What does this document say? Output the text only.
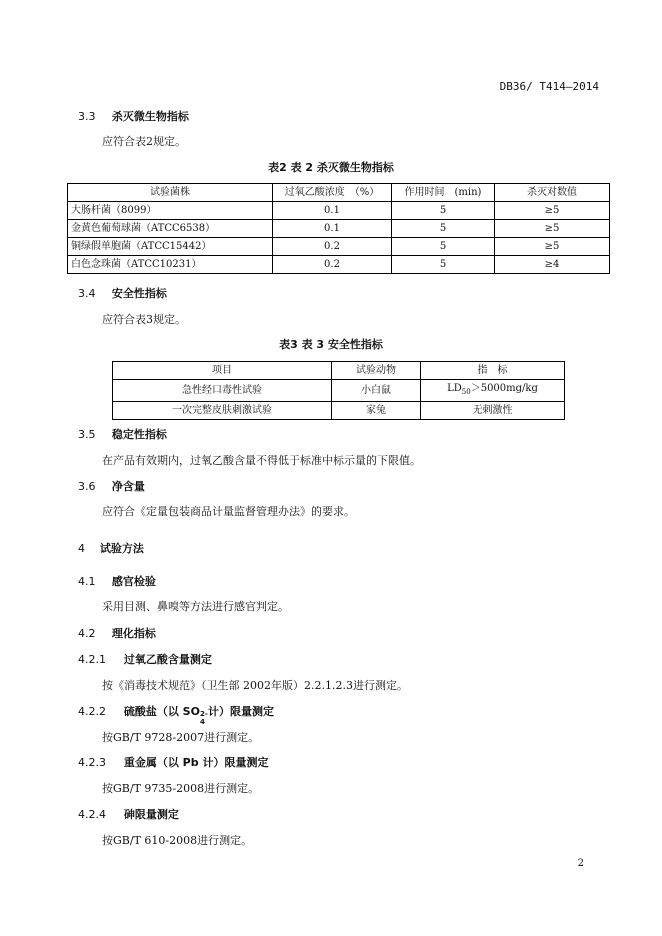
DB36/ T414—2014
3.3 杀灭微生物指标
应符合表2规定。
表2 表 2 杀灭微生物指标
试验菌株	过氧乙酸浓度　（%）	作用时间　(min)	杀灭对数值
大肠杆菌（8099）	0.1	5	≥5
金黄色葡萄球菌（ATCC6538）	0.1	5	≥5
铜绿假单胞菌（ATCC15442）	0.2	5	≥5
白色念珠菌（ATCC10231）	0.2	5	≥4
3.4 安全性指标
应符合表3规定。
表3 表 3 安全性指标
项目	试验动物	指　标
急性经口毒性试验	小白鼠	$LD_{50}>5000mg/kg$
一次完整皮肤刺激试验	家兔	无刺激性
3.5 稳定性指标
在产品有效期内，过氧乙酸含量不得低于标准中标示量的下限值。
3.6 净含量
应符合《定量包装商品计量监督管理办法》的要求。
4 试验方法
4.1 感官检验
采用目测、鼻嗅等方法进行感官判定。
4.2 理化指标
4.2.1 过氧乙酸含量测定
按《消毒技术规范》（卫生部 2002年版）2.2.1.2.3进行测定。
4.2.2 硫酸盐（以 SO 2-
4
计）限量测定
按GB/T 9728-2007进行测定。
4.2.3 重金属（以 Pb 计）限量测定
按GB/T 9735-2008进行测定。
4.2.4 砷限量测定
按GB/T 610-2008进行测定。
2
